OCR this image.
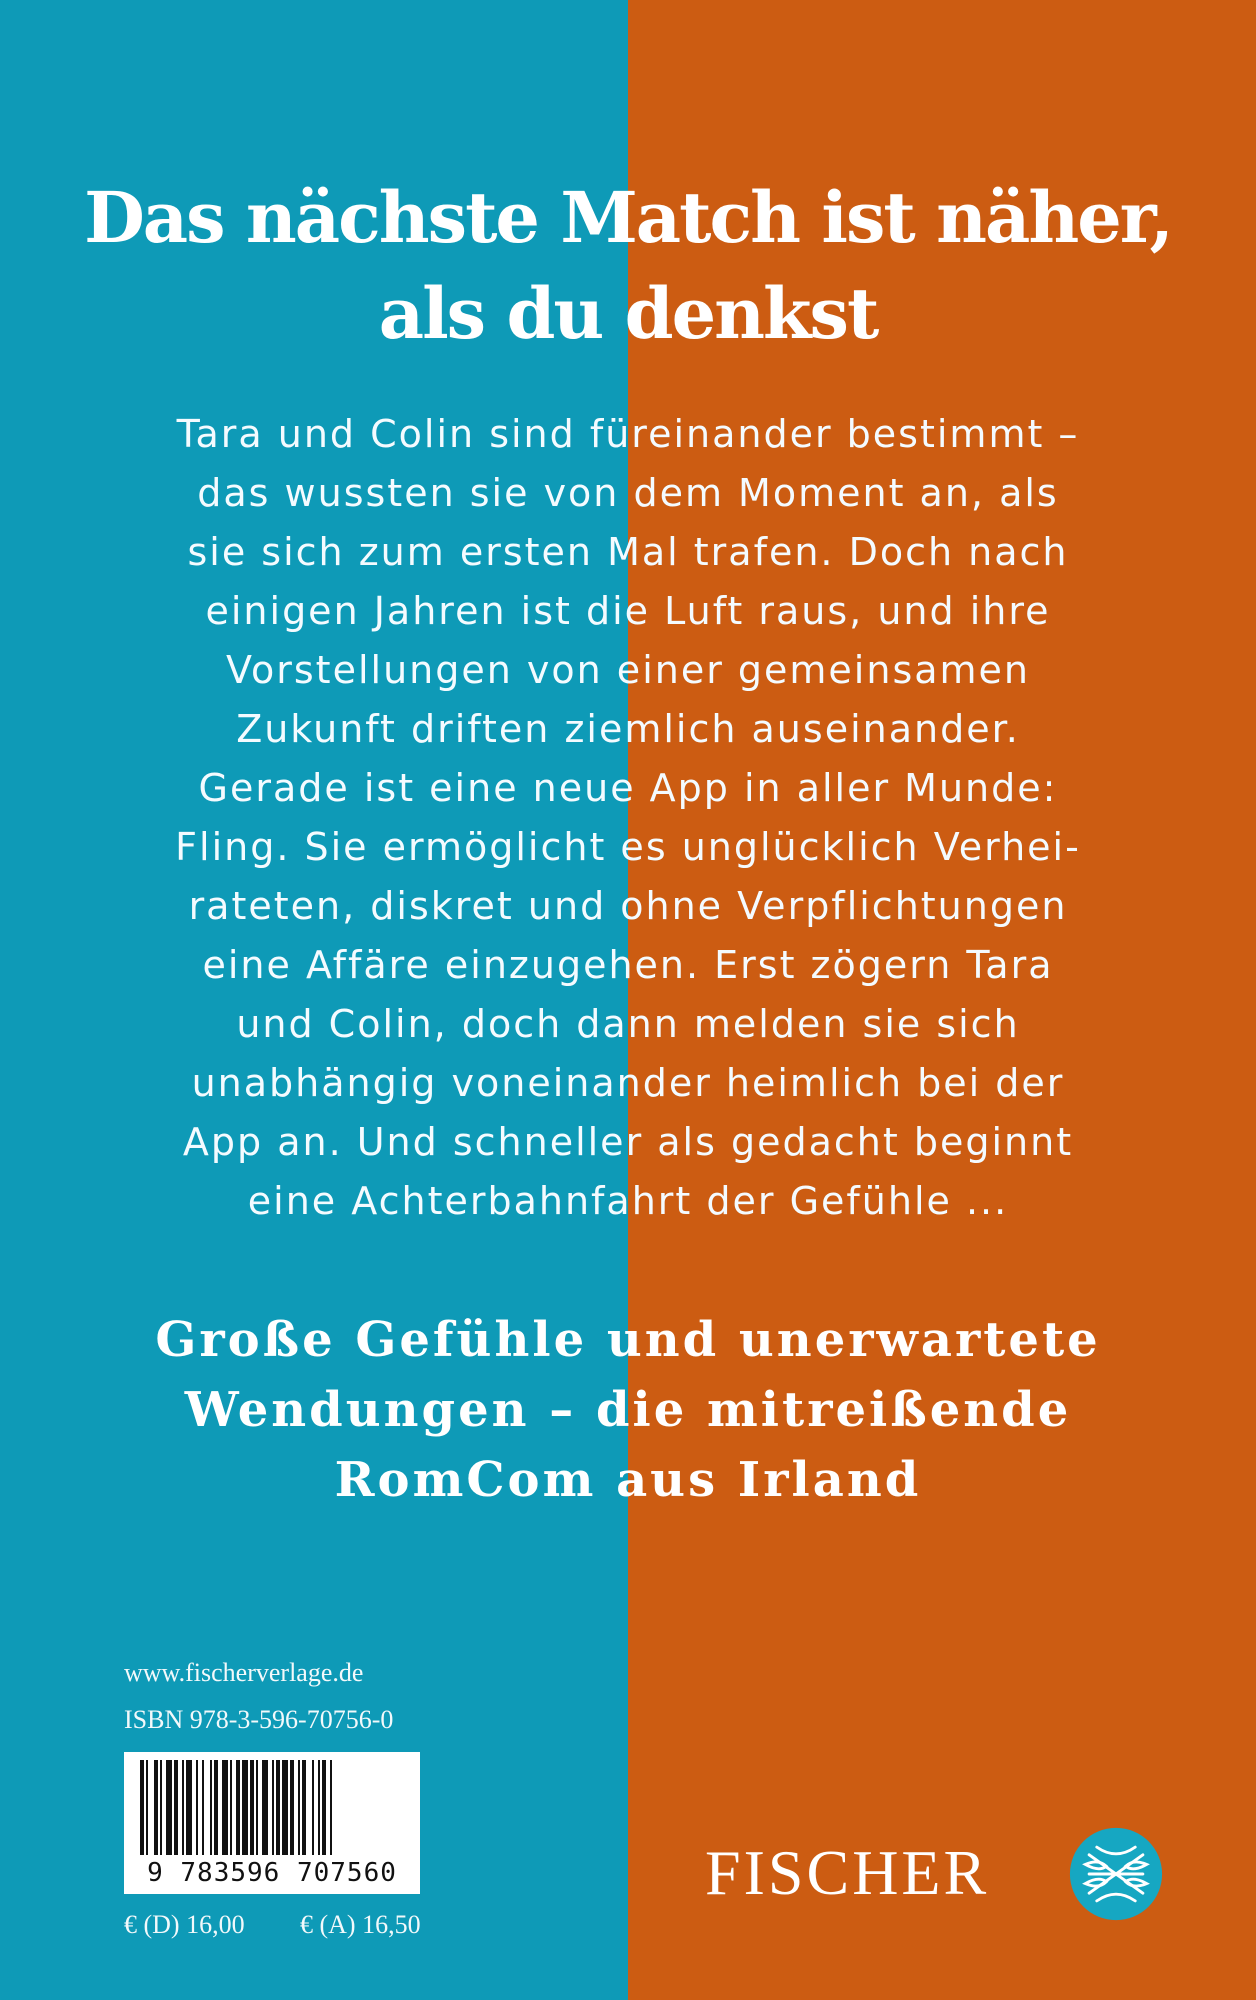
Das nächste Match ist näher,
als du denkst

Tara und Colin sind füreinander bestimmt –
das wussten sie von dem Moment an, als
sie sich zum ersten Mal trafen. Doch nach
einigen Jahren ist die Luft raus, und ihre
Vorstellungen von einer gemeinsamen
Zukunft driften ziemlich auseinander.
Gerade ist eine neue App in aller Munde:
Fling. Sie ermöglicht es unglücklich Verhei-
rateten, diskret und ohne Verpflichtungen
eine Affäre einzugehen. Erst zögern Tara
und Colin, doch dann melden sie sich
unabhängig voneinander heimlich bei der
App an. Und schneller als gedacht beginnt
eine Achterbahnfahrt der Gefühle ...

Große Gefühle und unerwartete
Wendungen – die mitreißende
RomCom aus Irland
www.fischerverlage.de
ISBN 978-3-596-70756-0
9 783596 707560
€ (D) 16,00 € (A) 16,50
FISCHER
